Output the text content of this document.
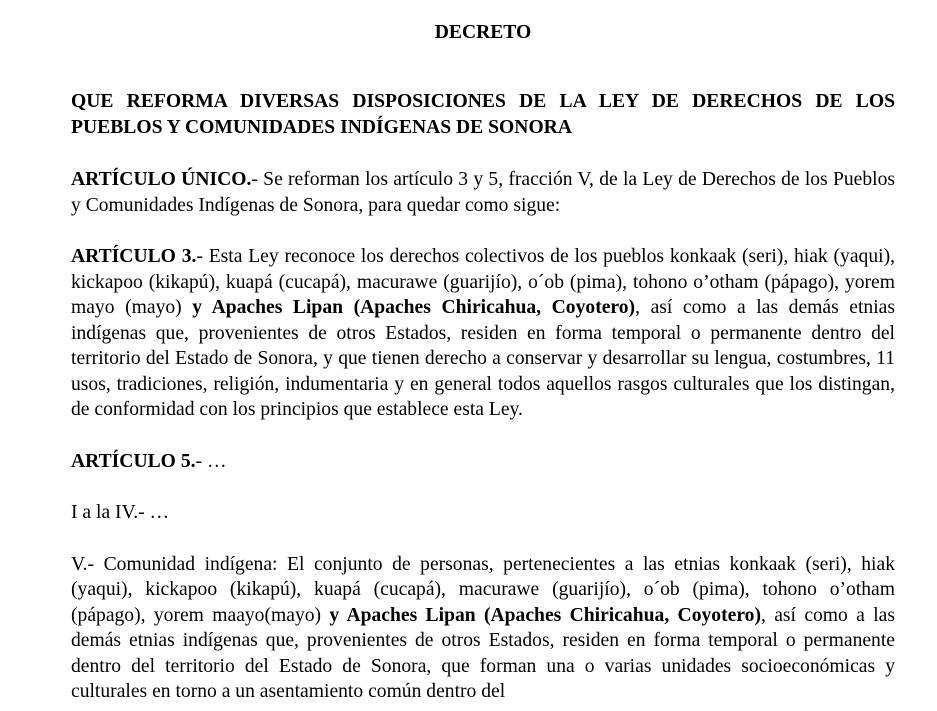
DECRETO

QUE REFORMA DIVERSAS DISPOSICIONES DE LA LEY DE DERECHOS DE LOS PUEBLOS Y COMUNIDADES INDÍGENAS DE SONORA

ARTÍCULO ÚNICO.- Se reforman los artículo 3 y 5, fracción V, de la Ley de Derechos de los Pueblos y Comunidades Indígenas de Sonora, para quedar como sigue:

ARTÍCULO 3.- Esta Ley reconoce los derechos colectivos de los pueblos konkaak (seri), hiak (yaqui), kickapoo (kikapú), kuapá (cucapá), macurawe (guarijío), o´ob (pima), tohono o’otham (pápago), yorem mayo (mayo) y Apaches Lipan (Apaches Chiricahua, Coyotero), así como a las demás etnias indígenas que, provenientes de otros Estados, residen en forma temporal o permanente dentro del territorio del Estado de Sonora, y que tienen derecho a conservar y desarrollar su lengua, costumbres, 11 usos, tradiciones, religión, indumentaria y en general todos aquellos rasgos culturales que los distingan, de conformidad con los principios que establece esta Ley.

ARTÍCULO 5.- …

I a la IV.- …

V.- Comunidad indígena: El conjunto de personas, pertenecientes a las etnias konkaak (seri), hiak (yaqui), kickapoo (kikapú), kuapá (cucapá), macurawe (guarijío), o´ob (pima), tohono o’otham (pápago), yorem maayo(mayo) y Apaches Lipan (Apaches Chiricahua, Coyotero), así como a las demás etnias indígenas que, provenientes de otros Estados, residen en forma temporal o permanente dentro del territorio del Estado de Sonora, que forman una o varias unidades socioeconómicas y culturales en torno a un asentamiento común dentro del
